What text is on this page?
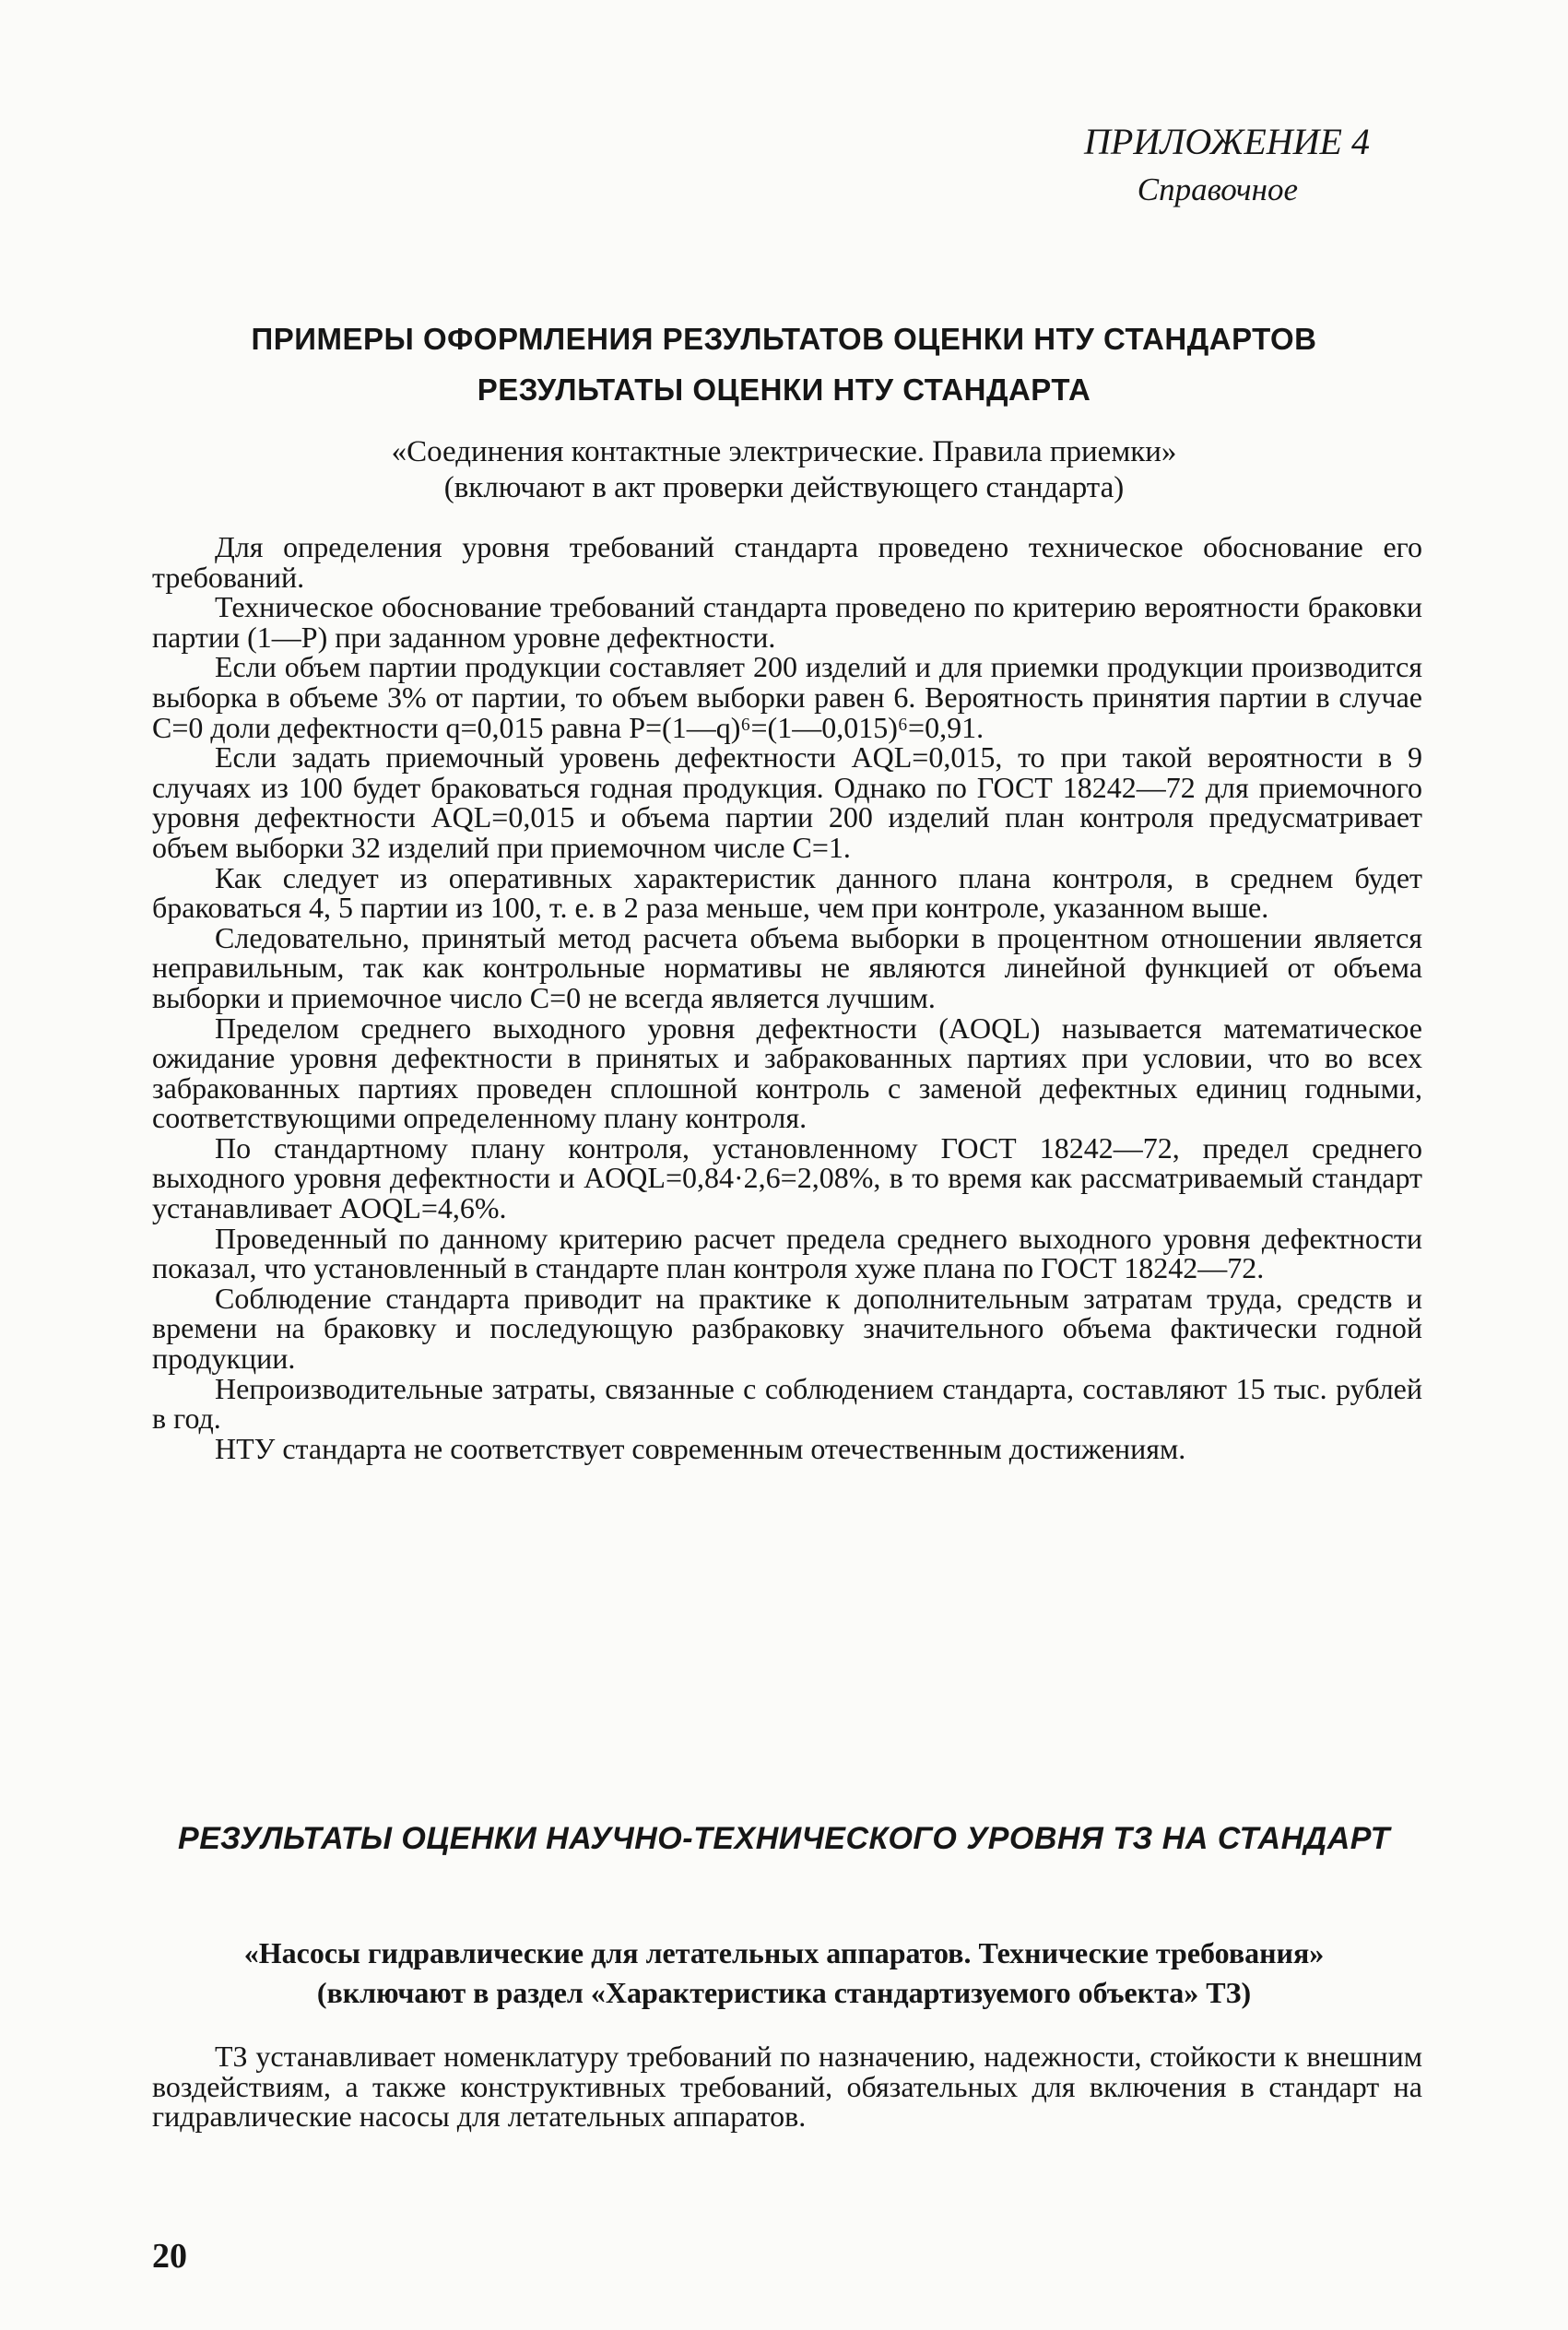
ПРИЛОЖЕНИЕ 4
Справочное
ПРИМЕРЫ ОФОРМЛЕНИЯ РЕЗУЛЬТАТОВ ОЦЕНКИ НТУ СТАНДАРТОВ
РЕЗУЛЬТАТЫ ОЦЕНКИ НТУ СТАНДАРТА
«Соединения контактные электрические. Правила приемки»
(включают в акт проверки действующего стандарта)

Для определения уровня требований стандарта проведено техническое обоснование его требований.

Техническое обоснование требований стандарта проведено по критерию вероятности браковки партии (1—P) при заданном уровне дефектности.

Если объем партии продукции составляет 200 изделий и для приемки продукции производится выборка в объеме 3% от партии, то объем выборки равен 6. Вероятность принятия партии в случае C=0 доли дефектности q=0,015 равна P=(1—q)⁶=(1—0,015)⁶=0,91.

Если задать приемочный уровень дефектности AQL=0,015, то при такой вероятности в 9 случаях из 100 будет браковаться годная продукция. Однако по ГОСТ 18242—72 для приемочного уровня дефектности AQL=0,015 и объема партии 200 изделий план контроля предусматривает объем выборки 32 изделий при приемочном числе C=1.

Как следует из оперативных характеристик данного плана контроля, в среднем будет браковаться 4, 5 партии из 100, т. е. в 2 раза меньше, чем при контроле, указанном выше.

Следовательно, принятый метод расчета объема выборки в процентном отношении является неправильным, так как контрольные нормативы не являются линейной функцией от объема выборки и приемочное число C=0 не всегда является лучшим.

Пределом среднего выходного уровня дефектности (AOQL) называется математическое ожидание уровня дефектности в принятых и забракованных партиях при условии, что во всех забракованных партиях проведен сплошной контроль с заменой дефектных единиц годными, соответствующими определенному плану контроля.

По стандартному плану контроля, установленному ГОСТ 18242—72, предел среднего выходного уровня дефектности и AOQL=0,84·2,6=2,08%, в то время как рассматриваемый стандарт устанавливает AOQL=4,6%.

Проведенный по данному критерию расчет предела среднего выходного уровня дефектности показал, что установленный в стандарте план контроля хуже плана по ГОСТ 18242—72.

Соблюдение стандарта приводит на практике к дополнительным затратам труда, средств и времени на браковку и последующую разбраковку значительного объема фактически годной продукции.

Непроизводительные затраты, связанные с соблюдением стандарта, составляют 15 тыс. рублей в год.

НТУ стандарта не соответствует современным отечественным достижениям.

РЕЗУЛЬТАТЫ ОЦЕНКИ НАУЧНО-ТЕХНИЧЕСКОГО УРОВНЯ ТЗ НА СТАНДАРТ
«Насосы гидравлические для летательных аппаратов. Технические требования»
(включают в раздел «Характеристика стандартизуемого объекта» ТЗ)

ТЗ устанавливает номенклатуру требований по назначению, надежности, стойкости к внешним воздействиям, а также конструктивных требований, обязательных для включения в стандарт на гидравлические насосы для летательных аппаратов.

20
